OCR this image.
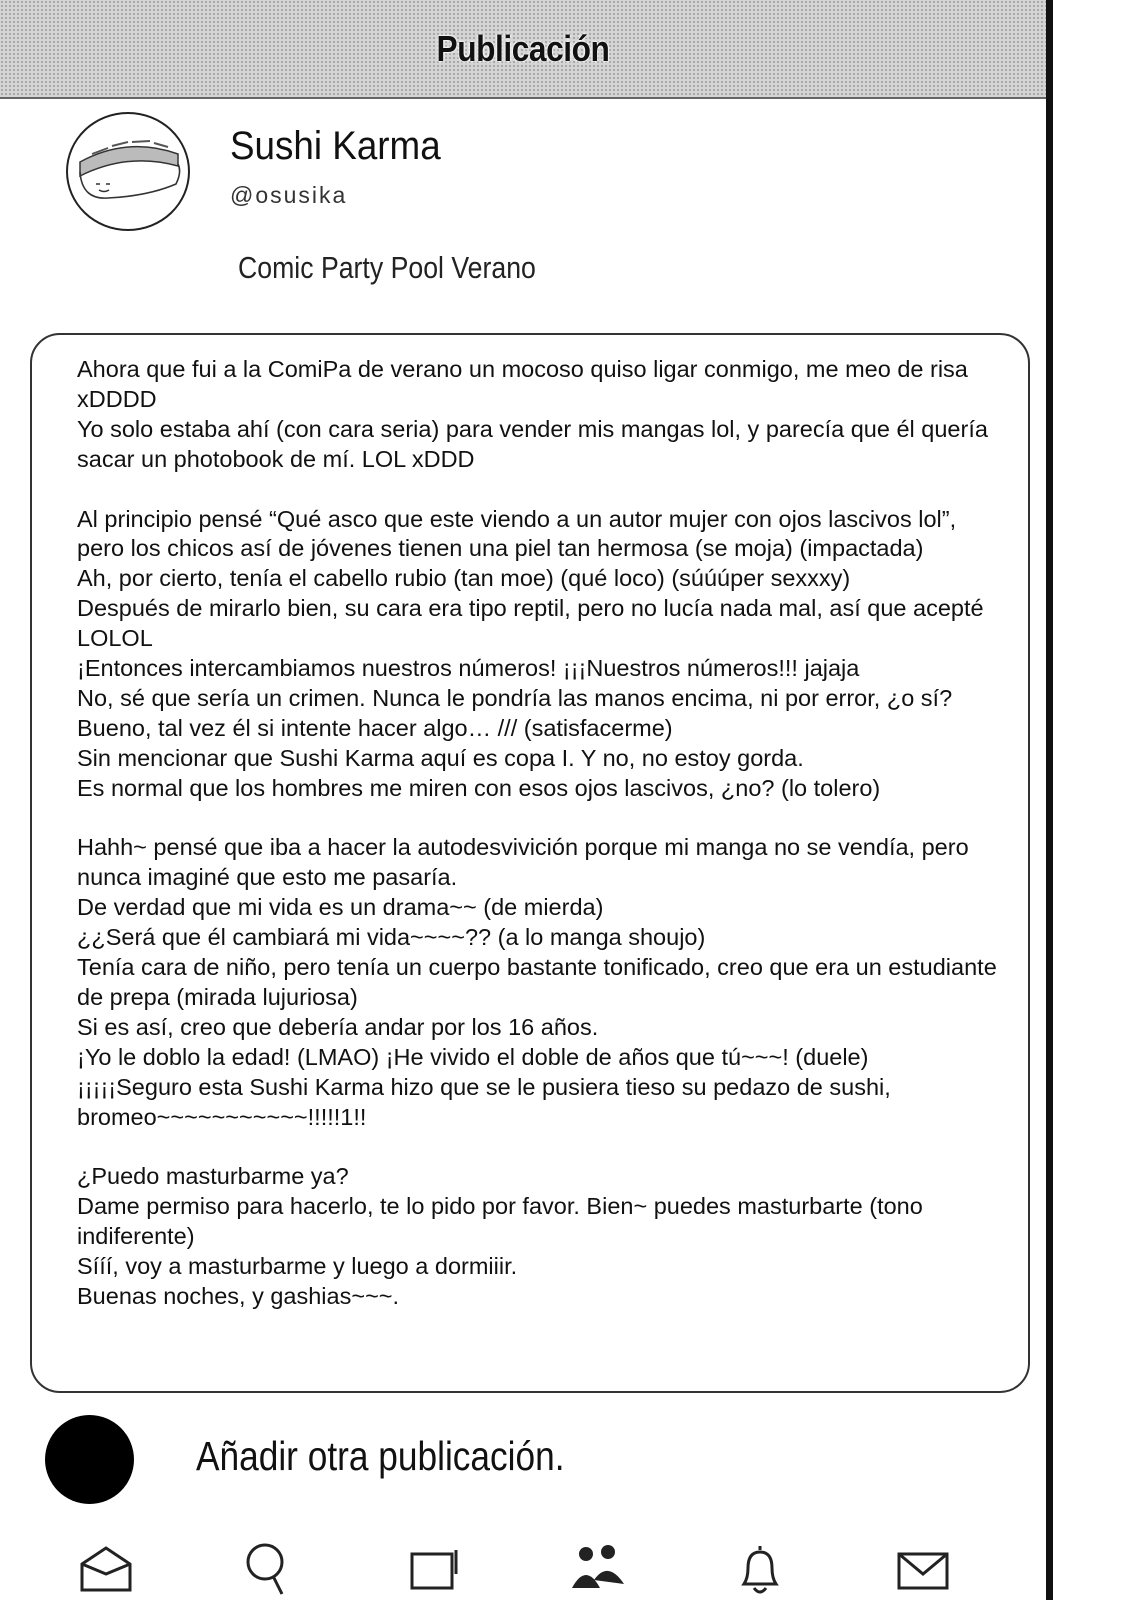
Publicación
Sushi Karma
@osusika
Comic Party Pool Verano

Ahora que fui a la ComiPa de verano un mocoso quiso ligar conmigo, me meo de risa xDDDD
Yo solo estaba ahí (con cara seria) para vender mis mangas lol, y parecía que él quería sacar un photobook de mí. LOL xDDD

Al principio pensé “Qué asco que este viendo a un autor mujer con ojos lascivos lol”, pero los chicos así de jóvenes tienen una piel tan hermosa (se moja) (impactada)
Ah, por cierto, tenía el cabello rubio (tan moe) (qué loco) (súúúper sexxxy)
Después de mirarlo bien, su cara era tipo reptil, pero no lucía nada mal, así que acepté LOLOL
¡Entonces intercambiamos nuestros números! ¡¡¡Nuestros números!!! jajaja
No, sé que sería un crimen. Nunca le pondría las manos encima, ni por error, ¿o sí?
Bueno, tal vez él si intente hacer algo… /// (satisfacerme)
Sin mencionar que Sushi Karma aquí es copa I. Y no, no estoy gorda.
Es normal que los hombres me miren con esos ojos lascivos, ¿no? (lo tolero)

Hahh~ pensé que iba a hacer la autodesvivición porque mi manga no se vendía, pero nunca imaginé que esto me pasaría.
De verdad que mi vida es un drama~~ (de mierda)
¿¿Será que él cambiará mi vida~~~~?? (a lo manga shoujo)
Tenía cara de niño, pero tenía un cuerpo bastante tonificado, creo que era un estudiante de prepa (mirada lujuriosa)
Si es así, creo que debería andar por los 16 años.
¡Yo le doblo la edad! (LMAO) ¡He vivido el doble de años que tú~~~! (duele)
¡¡¡¡¡Seguro esta Sushi Karma hizo que se le pusiera tieso su pedazo de sushi, bromeo~~~~~~~~~~~!!!!!1!!

¿Puedo masturbarme ya?
Dame permiso para hacerlo, te lo pido por favor. Bien~ puedes masturbarte (tono indiferente)
Sííí, voy a masturbarme y luego a dormiiir.
Buenas noches, y gashias~~~.

Añadir otra publicación.
